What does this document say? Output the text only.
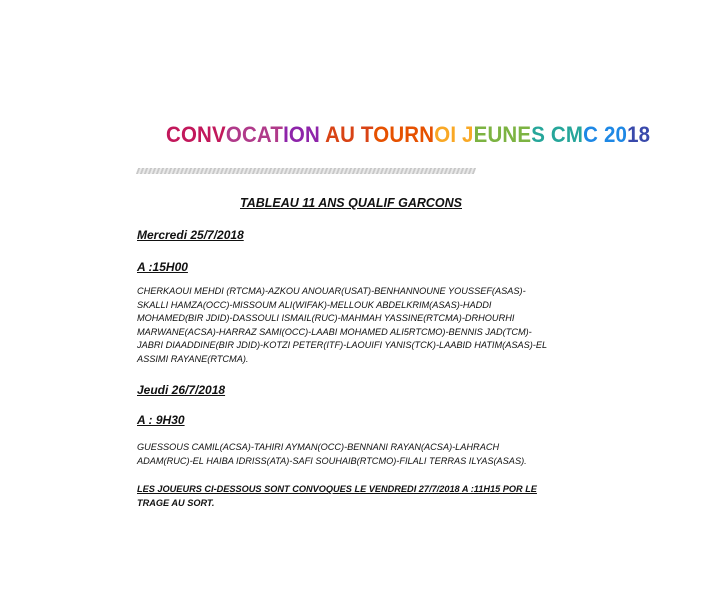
CONVOCATION AU TOURNOI JEUNES CMC 2018
TABLEAU 11 ANS QUALIF GARCONS
Mercredi 25/7/2018
A :15H00
CHERKAOUI MEHDI (RTCMA)-AZKOU ANOUAR(USAT)-BENHANNOUNE YOUSSEF(ASAS)-
SKALLI HAMZA(OCC)-MISSOUM ALI(WIFAK)-MELLOUK ABDELKRIM(ASAS)-HADDI
MOHAMED(BIR JDID)-DASSOULI ISMAIL(RUC)-MAHMAH YASSINE(RTCMA)-DRHOURHI
MARWANE(ACSA)-HARRAZ SAMI(OCC)-LAABI MOHAMED ALI5RTCMO)-BENNIS JAD(TCM)-
JABRI DIAADDINE(BIR JDID)-KOTZI PETER(ITF)-LAOUIFI YANIS(TCK)-LAABID HATIM(ASAS)-EL
ASSIMI RAYANE(RTCMA).
Jeudi 26/7/2018
A : 9H30
GUESSOUS CAMIL(ACSA)-TAHIRI AYMAN(OCC)-BENNANI RAYAN(ACSA)-LAHRACH
ADAM(RUC)-EL HAIBA IDRISS(ATA)-SAFI SOUHAIB(RTCMO)-FILALI TERRAS ILYAS(ASAS).
LES JOUEURS CI-DESSOUS SONT CONVOQUES LE VENDREDI 27/7/2018 A :11H15 POR LE
TRAGE AU SORT.
